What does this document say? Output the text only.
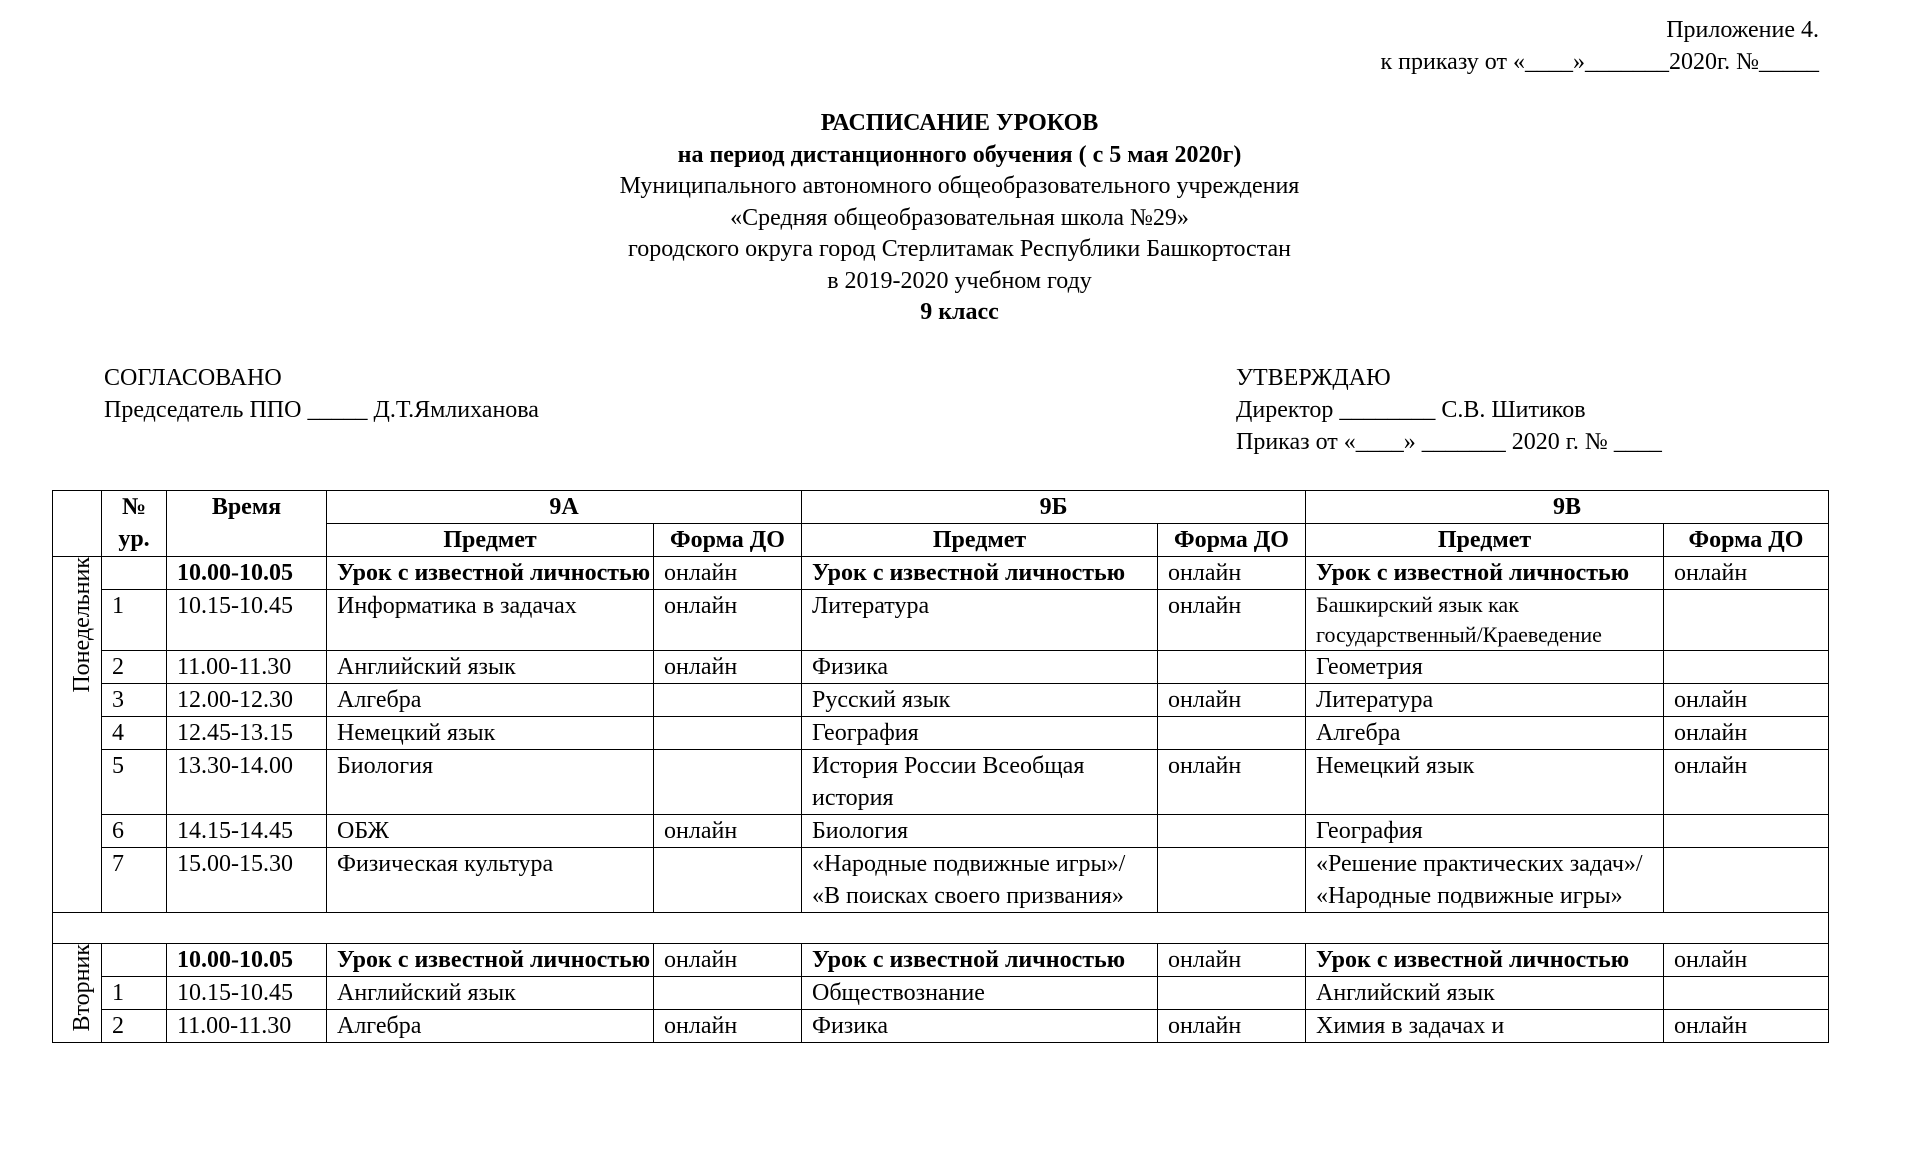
Приложение 4.
к приказу от «____»_______2020г. №_____
РАСПИСАНИЕ УРОКОВ
на период дистанционного обучения ( с 5 мая 2020г)
Муниципального автономного общеобразовательного учреждения
«Средняя общеобразовательная школа №29»
городского округа город Стерлитамак Республики Башкортостан
в 2019-2020 учебном году
9 класс
СОГЛАСОВАНО
Председатель ППО _____ Д.Т.Ямлиханова
УТВЕРЖДАЮ
Директор ________ С.В. Шитиков
Приказ от «____» _______ 2020 г. № ____
	№ ур.	Время	9А		9Б		9В	
			Предмет	Форма ДО	Предмет	Форма ДО	Предмет	Форма ДО
Понедельник		10.00-10.05	Урок с известной личностью	онлайн	Урок с известной личностью	онлайн	Урок с известной личностью	онлайн
	1	10.15-10.45	Информатика в задачах	онлайн	Литература	онлайн	Башкирский язык как государственный/Краеведение	
	2	11.00-11.30	Английский язык	онлайн	Физика		Геометрия	
	3	12.00-12.30	Алгебра		Русский язык	онлайн	Литература	онлайн
	4	12.45-13.15	Немецкий язык		География		Алгебра	онлайн
	5	13.30-14.00	Биология		История России Всеобщая история	онлайн	Немецкий язык	онлайн
	6	14.15-14.45	ОБЖ	онлайн	Биология		География	
	7	15.00-15.30	Физическая культура		«Народные подвижные игры»/ «В поисках своего призвания»		«Решение практических задач»/ «Народные подвижные игры»	

Вторник		10.00-10.05	Урок с известной личностью	онлайн	Урок с известной личностью	онлайн	Урок с известной личностью	онлайн
	1	10.15-10.45	Английский язык		Обществознание		Английский язык	
	2	11.00-11.30	Алгебра	онлайн	Физика	онлайн	Химия в задачах и	онлайн
